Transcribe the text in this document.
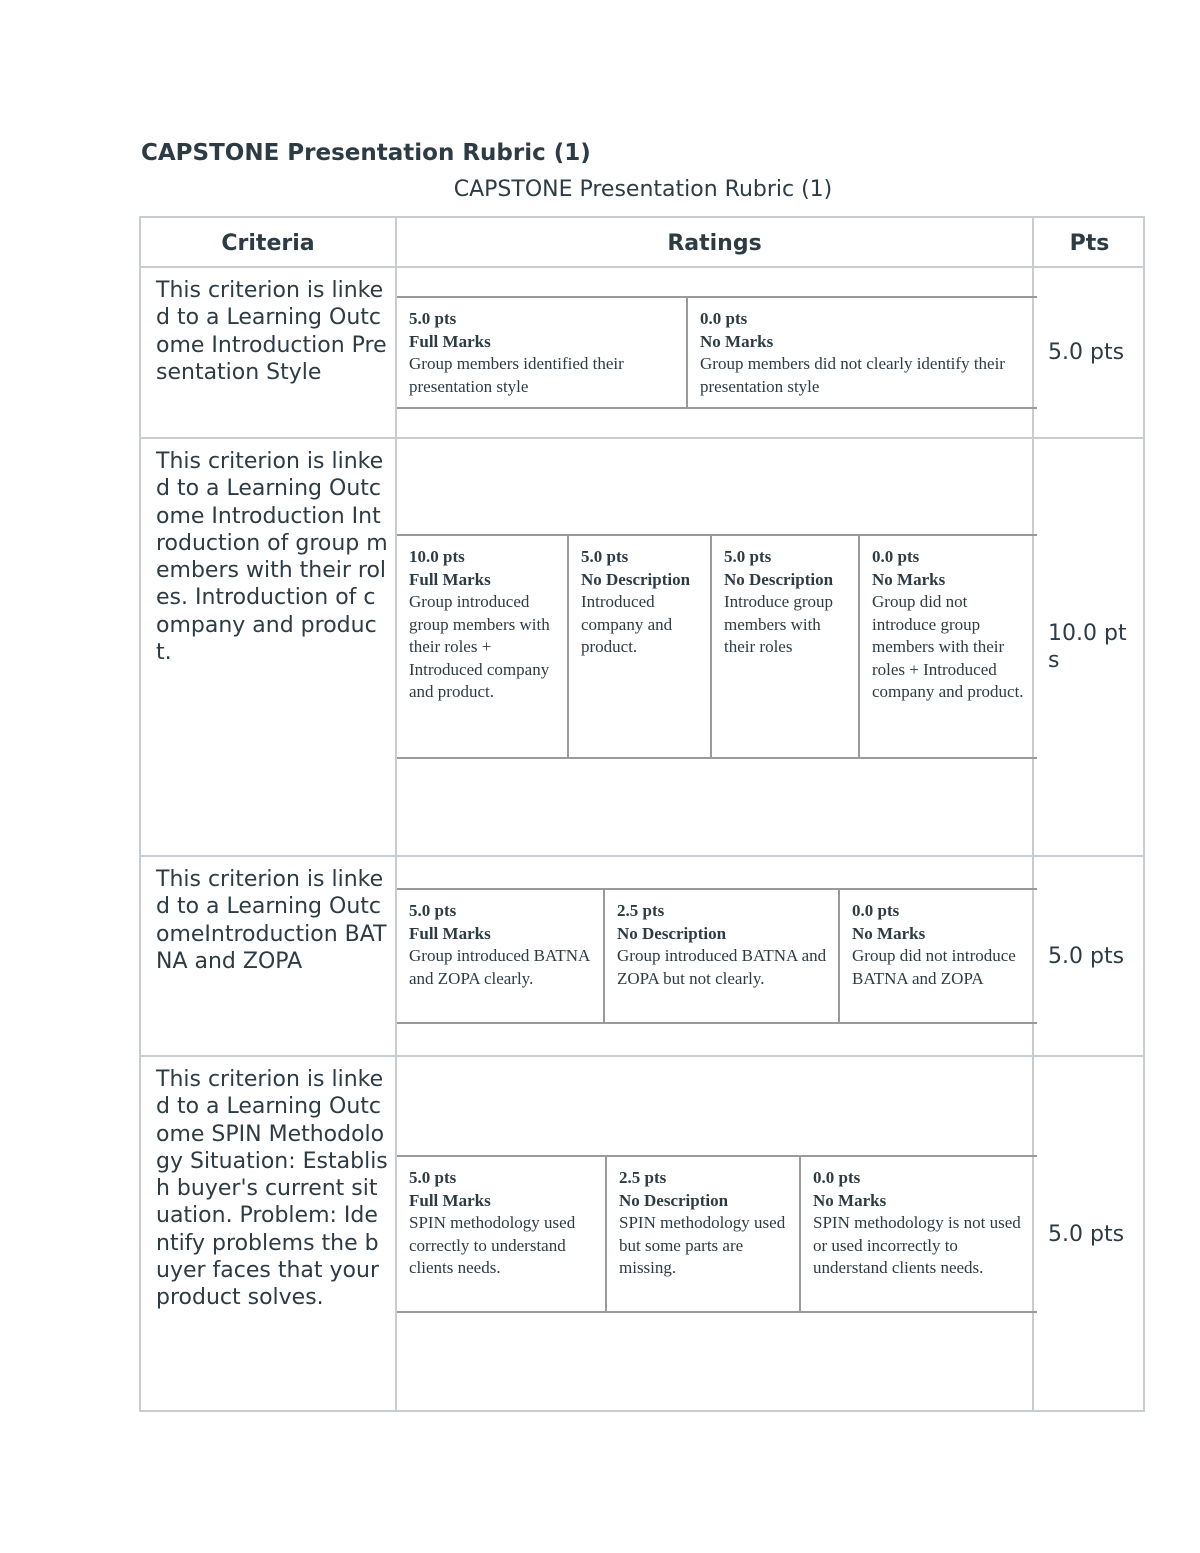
CAPSTONE Presentation Rubric (1)
CAPSTONE Presentation Rubric (1)
Criteria	Ratings	Pts
This criterion is linked to a Learning Outcome Introduction Presentation Style
5.0 pts
Full Marks
Group members identified their presentation style
0.0 pts
No Marks
Group members did not clearly identify their presentation style
5.0 pts
This criterion is linked to a Learning Outcome Introduction Introduction of group members with their roles. Introduction of company and product.
10.0 pts
Full Marks
Group introduced group members with their roles + Introduced company and product.
5.0 pts
No Description
Introduced company and product.
5.0 pts
No Description
Introduce group members with their roles
0.0 pts
No Marks
Group did not introduce group members with their roles + Introduced company and product.
10.0 pts
This criterion is linked to a Learning OutcomeIntroduction BATNA and ZOPA
5.0 pts
Full Marks
Group introduced BATNA and ZOPA clearly.
2.5 pts
No Description
Group introduced BATNA and ZOPA but not clearly.
0.0 pts
No Marks
Group did not introduce BATNA and ZOPA
5.0 pts
This criterion is linked to a Learning Outcome SPIN Methodology Situation: Establish buyer's current situation. Problem: Identify problems the buyer faces that your product solves.
5.0 pts
Full Marks
SPIN methodology used correctly to understand clients needs.
2.5 pts
No Description
SPIN methodology used but some parts are missing.
0.0 pts
No Marks
SPIN methodology is not used or used incorrectly to understand clients needs.
5.0 pts
